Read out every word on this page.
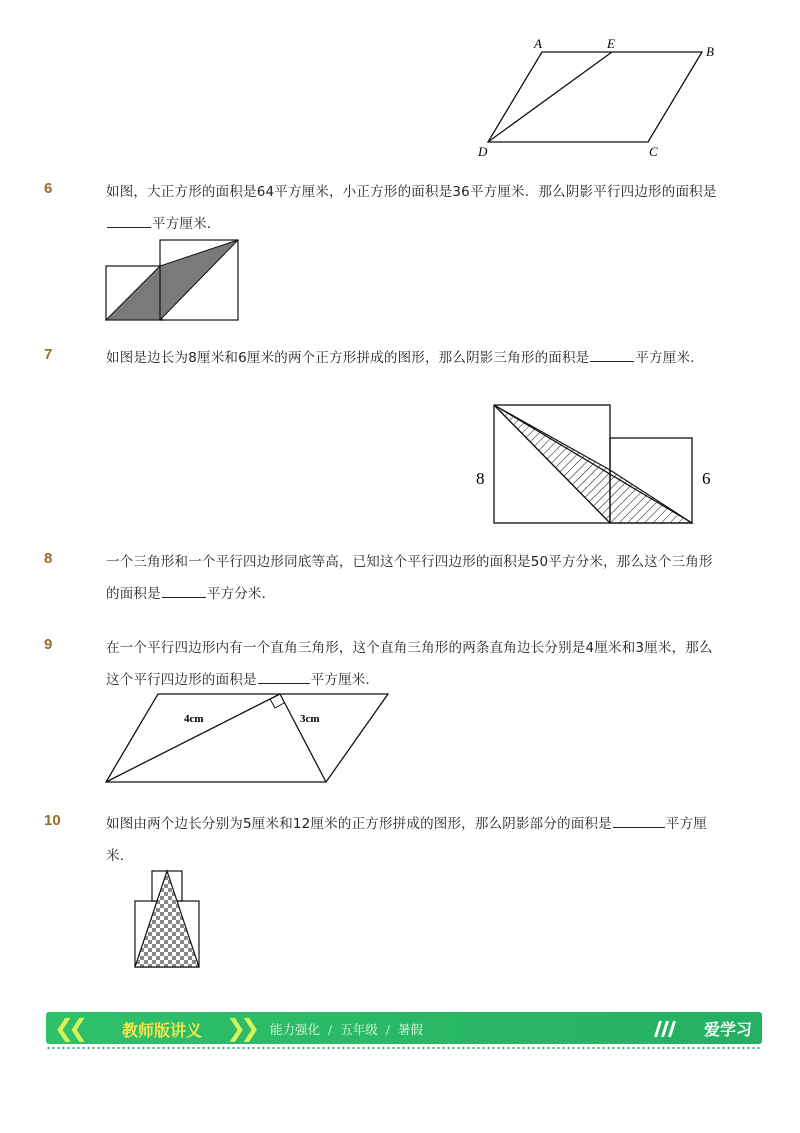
A	E
B
D	C
6	如图，大正方形的面积是64平方厘米，小正方形的面积是36平方厘米．那么阴影平行四边形的面积是平方厘米．
7	如图是边长为8厘米和6厘米的两个正方形拼成的图形，那么阴影三角形的面积是	平方厘米．
8	6
8	一个三角形和一个平行四边形同底等高，已知这个平行四边形的面积是50平方分米，那么这个三角形的面积是	平方分米．
9	在一个平行四边形内有一个直角三角形，这个直角三角形的两条直角边长分别是4厘米和3厘米，那么这个平行四边形的面积是	平方厘米．
4cm	3cm
10	如图由两个边长分别为5厘米和12厘米的正方形拼成的图形，那么阴影部分的面积是	平方厘米．
❮❮ 教师版讲义 ❯❯ 能力强化 / 五年级 / 暑假	爱学习
